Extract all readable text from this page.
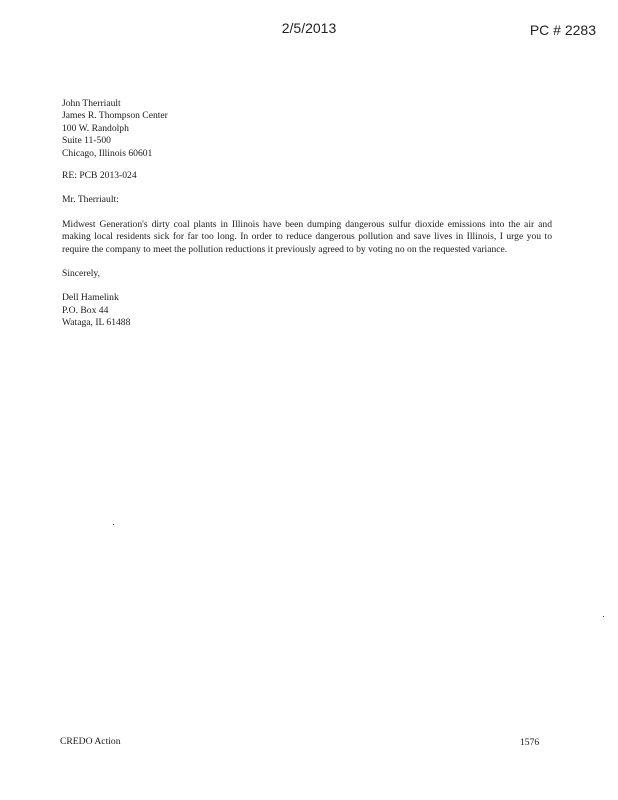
2/5/2013	PC # 2283
John Therriault
James R. Thompson Center
100 W. Randolph
Suite 11-500
Chicago, Illinois 60601
RE: PCB 2013-024
Mr. Therriault:

Midwest Generation's dirty coal plants in Illinois have been dumping dangerous sulfur dioxide emissions into the air and making local residents sick for far too long. In order to reduce dangerous pollution and save lives in Illinois, I urge you to require the company to meet the pollution reductions it previously agreed to by voting no on the requested variance.

Sincerely,
Dell Hamelink
P.O. Box 44
Wataga, IL 61488
CREDO Action	1576
